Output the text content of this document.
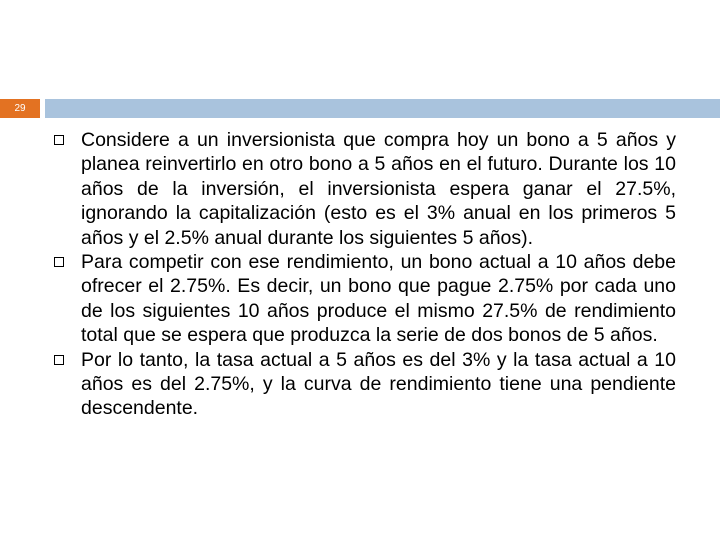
29

Considere a un inversionista que compra hoy un bono a 5 años y planea reinvertirlo en otro bono a 5 años en el futuro. Durante los 10 años de la inversión, el inversionista espera ganar el 27.5%, ignorando la capitalización (esto es el 3% anual en los primeros 5 años y el 2.5% anual durante los siguientes 5 años).

Para competir con ese rendimiento, un bono actual a 10 años debe ofrecer el 2.75%. Es decir, un bono que pague 2.75% por cada uno de los siguientes 10 años produce el mismo 27.5% de rendimiento total que se espera que produzca la serie de dos bonos de 5 años.

Por lo tanto, la tasa actual a 5 años es del 3% y la tasa actual a 10 años es del 2.75%, y la curva de rendimiento tiene una pendiente descendente.
